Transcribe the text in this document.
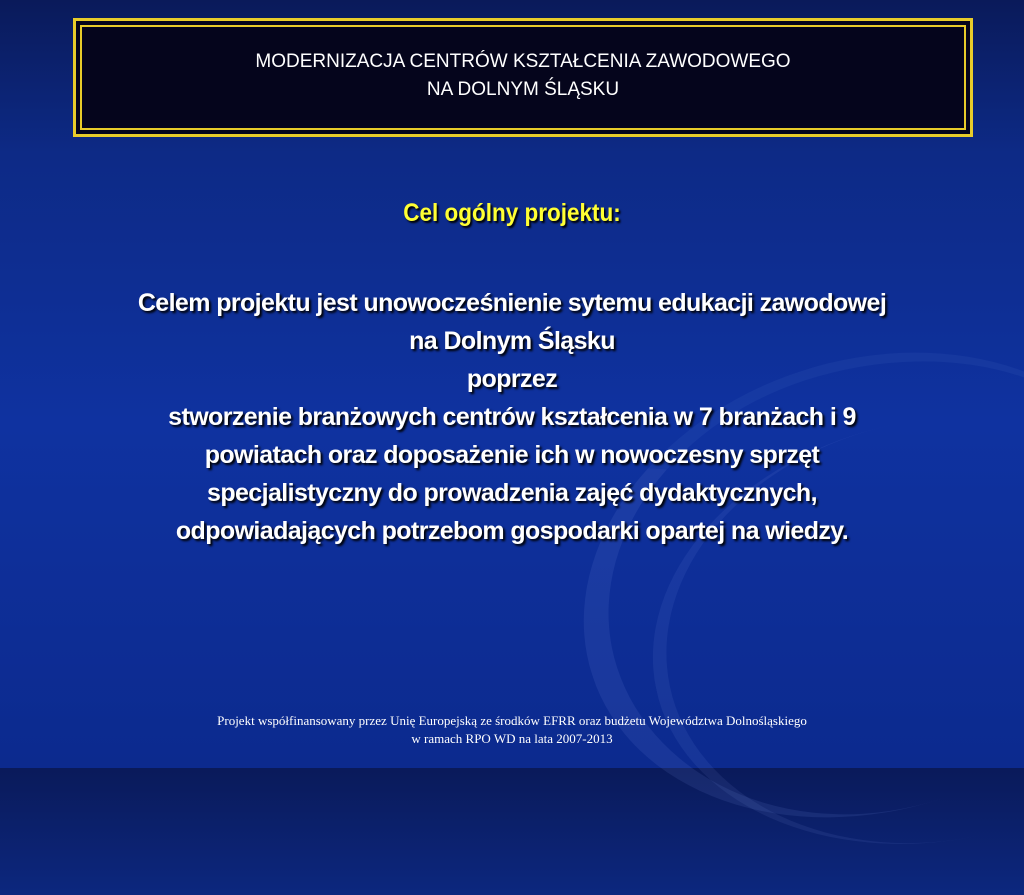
MODERNIZACJA CENTRÓW KSZTAŁCENIA ZAWODOWEGO
NA DOLNYM ŚLĄSKU
Cel ogólny projektu:
Celem projektu jest unowocześnienie sytemu edukacji zawodowej
na Dolnym Śląsku
poprzez
stworzenie branżowych centrów kształcenia w 7 branżach i 9
powiatach oraz doposażenie ich w nowoczesny sprzęt
specjalistyczny do prowadzenia zajęć dydaktycznych,
odpowiadających potrzebom gospodarki opartej na wiedzy.
Projekt współfinansowany przez Unię Europejską ze środków EFRR oraz budżetu Województwa Dolnośląskiego
w ramach RPO WD na lata 2007-2013
